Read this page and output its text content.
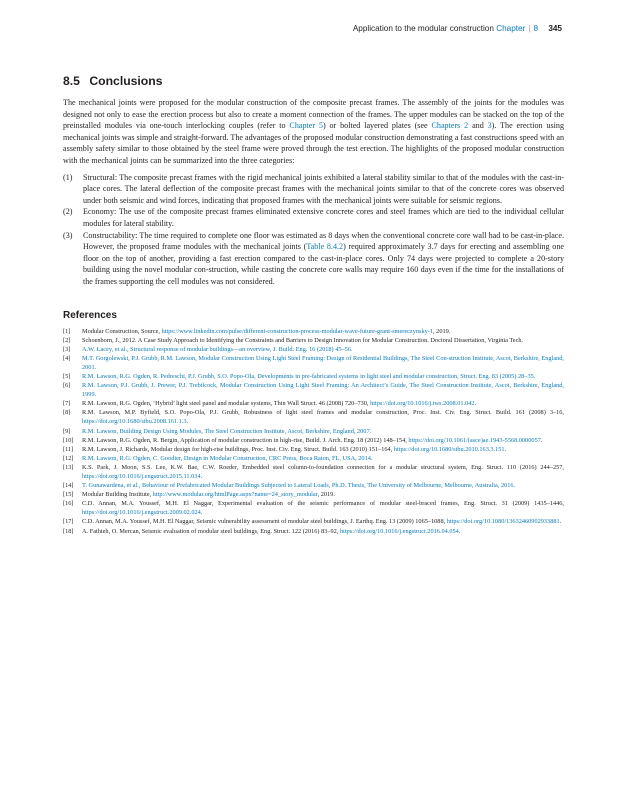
Application to the modular construction Chapter | 8 345
8.5 Conclusions

The mechanical joints were proposed for the modular construction of the composite precast frames. The assembly of the joints for the modules was designed not only to ease the erection process but also to create a moment connection of the frames. The upper modules can be stacked on the top of the preinstalled modules via one-touch interlocking couples (refer to Chapter 5) or bolted layered plates (see Chapters 2 and 3). The erection using mechanical joints was simple and straight-forward. The advantages of the proposed modular construction demonstrating a fast constructions speed with an assembly safety similar to those obtained by the steel frame were proved through the test erection. The highlights of the proposed modular construction with the mechanical joints can be summarized into the three categories:

(1) Structural: The composite precast frames with the rigid mechanical joints exhibited a lateral stability similar to that of the modules with the cast-in-place cores. The lateral deflection of the composite precast frames with the mechanical joints similar to that of the concrete cores was observed under both seismic and wind forces, indicating that proposed frames with the mechanical joints were suitable for seismic regions.
(2) Economy: The use of the composite precast frames eliminated extensive concrete cores and steel frames which are tied to the individual cellular modules for lateral stability.
(3) Constructability: The time required to complete one floor was estimated as 8 days when the conventional concrete core wall had to be cast-in-place. However, the proposed frame modules with the mechanical joints (Table 8.4.2) required approximately 3.7 days for erecting and assembling one floor on the top of another, providing a fast erection compared to the cast-in-place cores. Only 74 days were projected to complete a 20-story building using the novel modular con-struction, while casting the concrete core walls may require 160 days even if the time for the installations of the frames supporting the cell modules was not considered.
References
[1] Modular Construction, Source, https://www.linkedin.com/pulse/different-construction-process-modular-wave-future-grant-smereczynsky-1, 2019.
[2] Schoenborn, J., 2012. A Case Study Approach to Identifying the Constraints and Barriers to Design Innovation for Modular Construction. Doctoral Dissertation, Virginia Tech.
[3] A.W. Lacey, et al., Structural response of modular buildings—an overview, J. Build. Eng. 16 (2018) 45–56.
[4] M.T. Gorgolewski, P.J. Grubb, R.M. Lawson, Modular Construction Using Light Steel Framing: Design of Residential Buildings, The Steel Con-struction Institute, Ascot, Berkshire, England, 2001.
[5] R.M. Lawson, R.G. Ogden, R. Pedreschi, P.J. Grubb, S.O. Popo-Ola, Developments in pre-fabricated systems in light steel and modular construction, Struct. Eng. 83 (2005) 28–35.
[6] R.M. Lawson, P.J. Grubb, J. Prewer, P.J. Trebilcock, Modular Construction Using Light Steel Framing: An Architect’s Guide, The Steel Construction Institute, Ascot, Berkshire, England, 1999.
[7] R.M. Lawson, R.G. Ogden, ‘Hybrid’ light steel panel and modular systems, Thin Wall Struct. 46 (2008) 720–730, https://doi.org/10.1016/j.tws.2008.01.042.
[8] R.M. Lawson, M.P. Byfield, S.O. Popo-Ola, P.J. Grubb, Robustness of light steel frames and modular construction, Proc. Inst. Civ. Eng. Struct. Build. 161 (2008) 3–16, https://doi.org/10.1680/stbu.2008.161.1.3.
[9] R.M. Lawson, Building Design Using Modules, The Steel Construction Institute, Ascot, Berkshire, England, 2007.
[10] R.M. Lawson, R.G. Ogden, R. Bergin, Application of modular construction in high-rise, Build. J. Arch. Eng. 18 (2012) 148–154, https://doi.org/10.1061/(asce)ae.1943-5568.0000057.
[11] R.M. Lawson, J. Richards, Modular design for high-rise buildings, Proc. Inst. Civ. Eng. Struct. Build. 163 (2010) 151–164, https://doi.org/10.1680/stbu.2010.163.3.151.
[12] R.M. Lawson, R.G. Ogden, C. Goodier, Design in Modular Construction, CRC Press, Boca Raton, FL, USA, 2014.
[13] K.S. Park, J. Moon, S.S. Lee, K.W. Bae, C.W. Roeder, Embedded steel column-to-foundation connection for a modular structural system, Eng. Struct. 110 (2016) 244–257, https://doi.org/10.1016/j.engstruct.2015.11.034.
[14] T. Gunawardena, et al., Behaviour of Prefabricated Modular Buildings Subjected to Lateral Loads, Ph.D. Thesis, The University of Melbourne, Melbourne, Australia, 2016.
[15] Modular Building Institute, http://www.modular.org/htmlPage.aspx?name=24_story_modular, 2019.
[16] C.D. Annan, M.A. Youssef, M.H. El Naggar, Experimental evaluation of the seismic performance of modular steel-braced frames, Eng. Struct. 31 (2009) 1435–1446, https://doi.org/10.1016/j.engstruct.2009.02.024.
[17] C.D. Annan, M.A. Youssef, M.H. El Naggar, Seismic vulnerability assessment of modular steel buildings, J. Earthq. Eng. 13 (2009) 1065–1088, https://doi.org/10.1080/13632460902933881.
[18] A. Fathieh, O. Mercan, Seismic evaluation of modular steel buildings, Eng. Struct. 122 (2016) 83–92, https://doi.org/10.1016/j.engstruct.2016.04.054.
